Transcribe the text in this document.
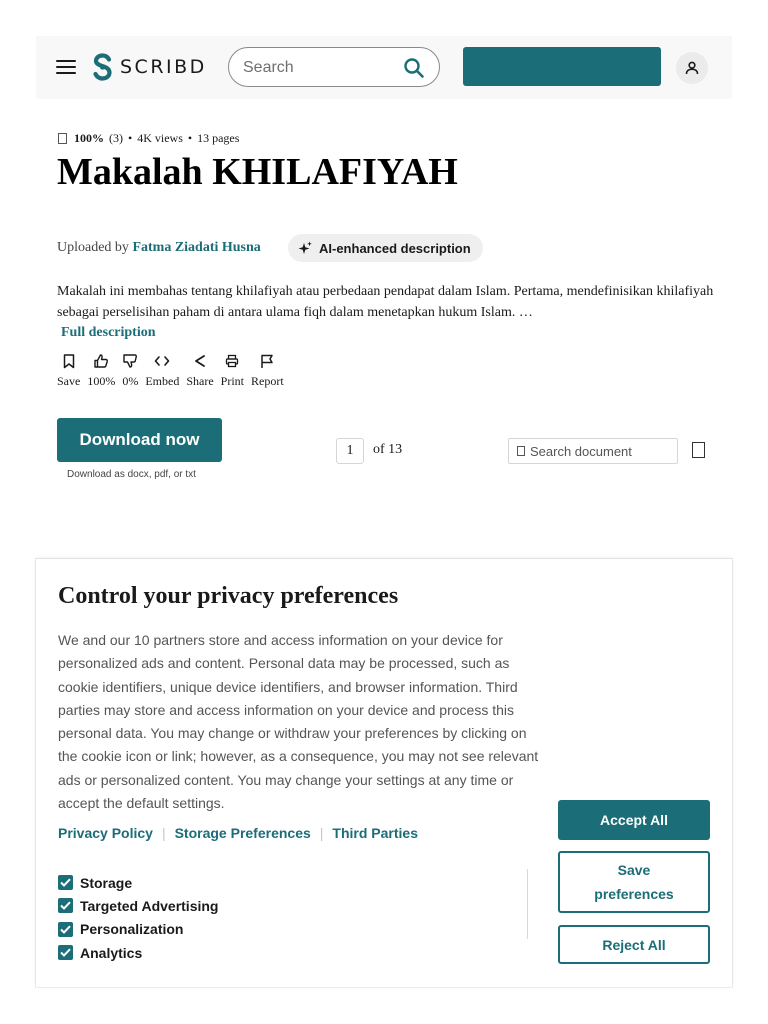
SCRIBD
Search
100% (3) • 4K views • 13 pages
Makalah KHILAFIYAH
Uploaded by Fatma Ziadati Husna	AI-enhanced description

Makalah ini membahas tentang khilafiyah atau perbedaan pendapat dalam Islam. Pertama, mendefinisikan khilafiyah sebagai perselisihan paham di antara ulama fiqh dalam menetapkan hukum Islam. …

Full description
Save 100% 0% Embed Share Print Report
Download now
Download as docx, pdf, or txt
1
of 13
Search document
Control your privacy preferences

We and our 10 partners store and access information on your device for personalized ads and content. Personal data may be processed, such as cookie identifiers, unique device identifiers, and browser information. Third parties may store and access information on your device and process this personal data. You may change or withdraw your preferences by clicking on the cookie icon or link; however, as a consequence, you may not see relevant ads or personalized content. You may change your settings at any time or accept the default settings.

Privacy Policy | Storage Preferences | Third Parties
Storage
Targeted Advertising
Personalization
Analytics
Accept All
Save preferences
Reject All
